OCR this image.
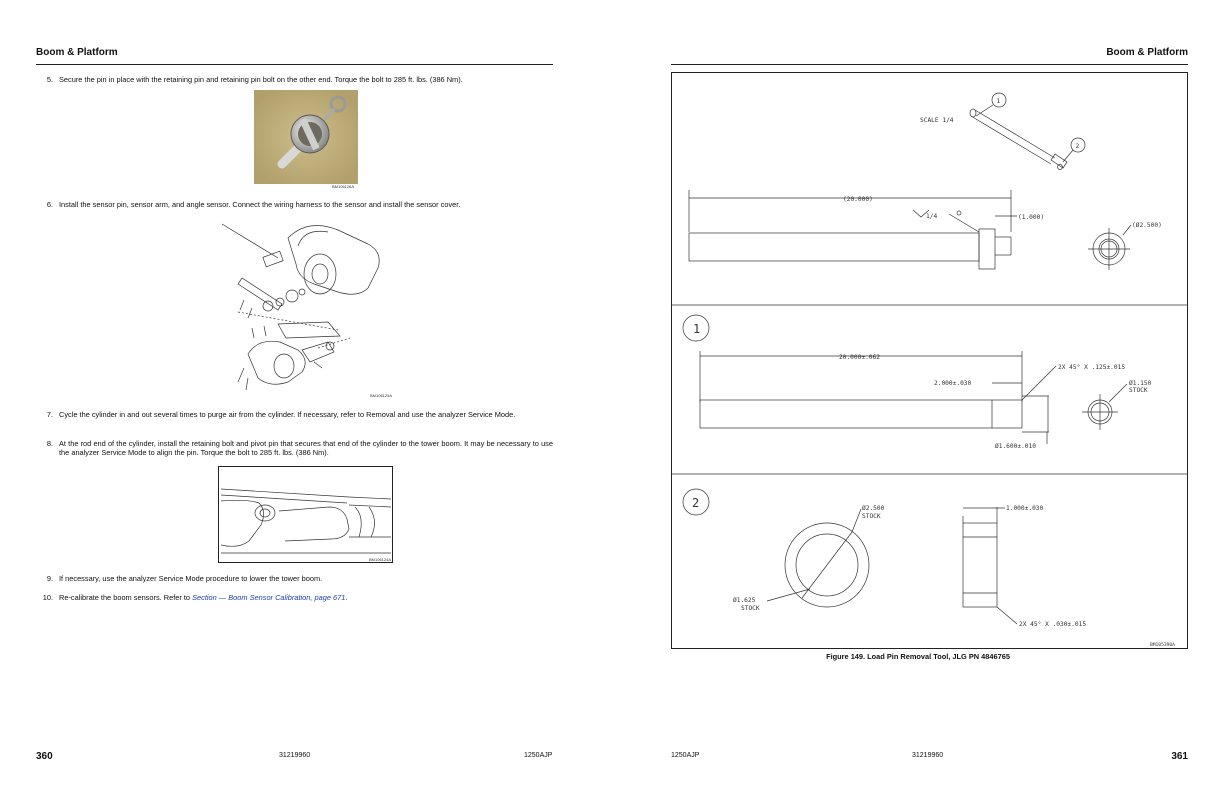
Boom & Platform
5. Secure the pin in place with the retaining pin and retaining pin bolt on the other end. Torque the bolt to 285 ft. lbs. (386 Nm).
BM106126A
6. Install the sensor pin, sensor arm, and angle sensor. Connect the wiring harness to the sensor and install the sensor cover.
BM106125A
7. Cycle the cylinder in and out several times to purge air from the cylinder. If necessary, refer to Removal and use the analyzer Service Mode.
8. At the rod end of the cylinder, install the retaining bolt and pivot pin that secures that end of the cylinder to the tower boom. It may be necessary to use the analyzer Service Mode to align the pin. Torque the bolt to 285 ft. lbs. (386 Nm).
BM106124A
9. If necessary, use the analyzer Service Mode procedure to lower the tower boom.
10. Re-calibrate the boom sensors. Refer to Section — Boom Sensor Calibration, page 671.
360	31219960	1250AJP
Boom & Platform
SCALE 1/4
1
2
(20.000)
(1.000)
1/4
(Ø2.500)
1
20.000±.062
2.000±.030
2X 45° X .125±.015
Ø1.600±.010
Ø1.150
STOCK
2	Ø2.500
STOCK
Ø1.625
STOCK
1.000±.030
2X 45° X .030±.015
BM105390A
Figure 149. Load Pin Removal Tool, JLG PN 4846765
1250AJP	31219960	361
